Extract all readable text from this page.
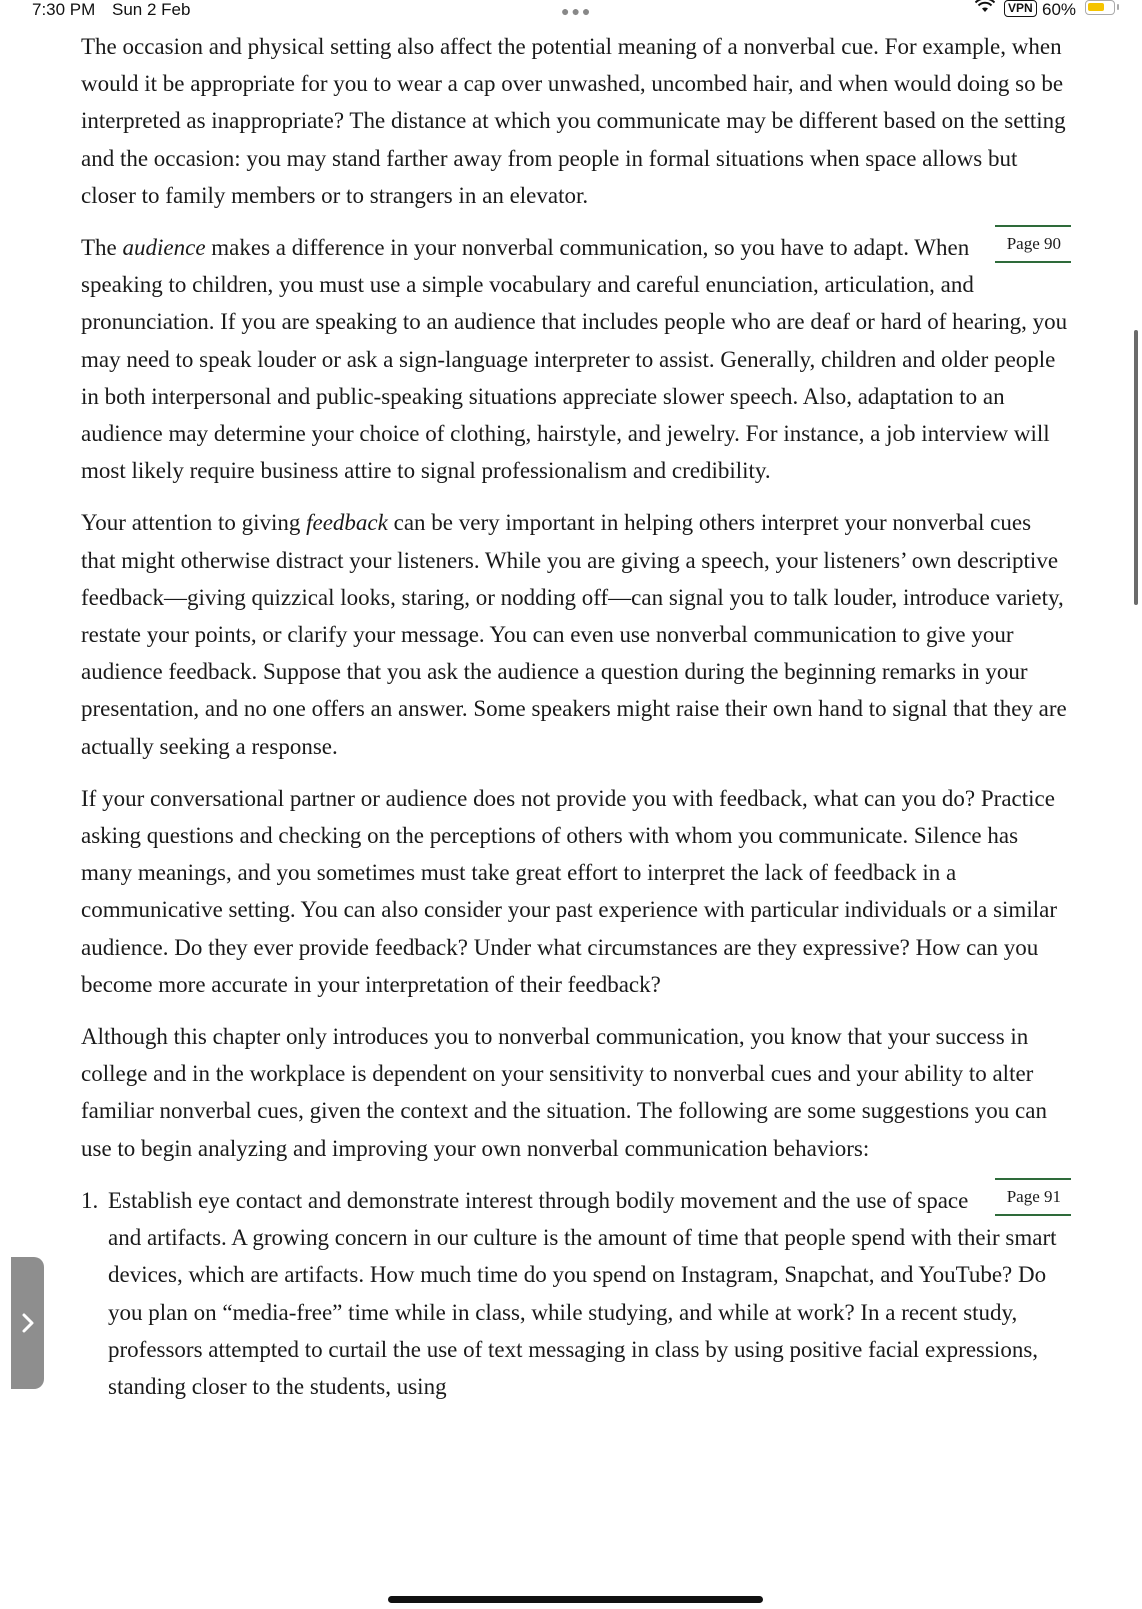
7:30 PM Sun 2 Feb	●●●	VPN 60%

The occasion and physical setting also affect the potential meaning of a nonverbal cue. For example, when would it be appropriate for you to wear a cap over unwashed, uncombed hair, and when would doing so be interpreted as inappropriate? The distance at which you communicate may be different based on the setting and the occasion: you may stand farther away from people in formal situations when space allows but closer to family members or to strangers in an elevator.

Page 90
The audience makes a difference in your nonverbal communication, so you have to adapt. When speaking to children, you must use a simple vocabulary and careful enunciation, articulation, and pronunciation. If you are speaking to an audience that includes people who are deaf or hard of hearing, you may need to speak louder or ask a sign-language interpreter to assist. Generally, children and older people in both interpersonal and public-speaking situations appreciate slower speech. Also, adaptation to an audience may determine your choice of clothing, hairstyle, and jewelry. For instance, a job interview will most likely require business attire to signal professionalism and credibility.

Your attention to giving feedback can be very important in helping others interpret your nonverbal cues that might otherwise distract your listeners. While you are giving a speech, your listeners’ own descriptive feedback—giving quizzical looks, staring, or nodding off—can signal you to talk louder, introduce variety, restate your points, or clarify your message. You can even use nonverbal communication to give your audience feedback. Suppose that you ask the audience a question during the beginning remarks in your presentation, and no one offers an answer. Some speakers might raise their own hand to signal that they are actually seeking a response.

If your conversational partner or audience does not provide you with feedback, what can you do? Practice asking questions and checking on the perceptions of others with whom you communicate. Silence has many meanings, and you sometimes must take great effort to interpret the lack of feedback in a communicative setting. You can also consider your past experience with particular individuals or a similar audience. Do they ever provide feedback? Under what circumstances are they expressive? How can you become more accurate in your interpretation of their feedback?

Although this chapter only introduces you to nonverbal communication, you know that your success in college and in the workplace is dependent on your sensitivity to nonverbal cues and your ability to alter familiar nonverbal cues, given the context and the situation. The following are some suggestions you can use to begin analyzing and improving your own nonverbal communication behaviors:

1.	Page 91
Establish eye contact and demonstrate interest through bodily movement and the use of space and artifacts. A growing concern in our culture is the amount of time that people spend with their smart devices, which are artifacts. How much time do you spend on Instagram, Snapchat, and YouTube? Do you plan on “media-free” time while in class, while studying, and while at work? In a recent study, professors attempted to curtail the use of text messaging in class by using positive facial expressions, standing closer to the students, using
